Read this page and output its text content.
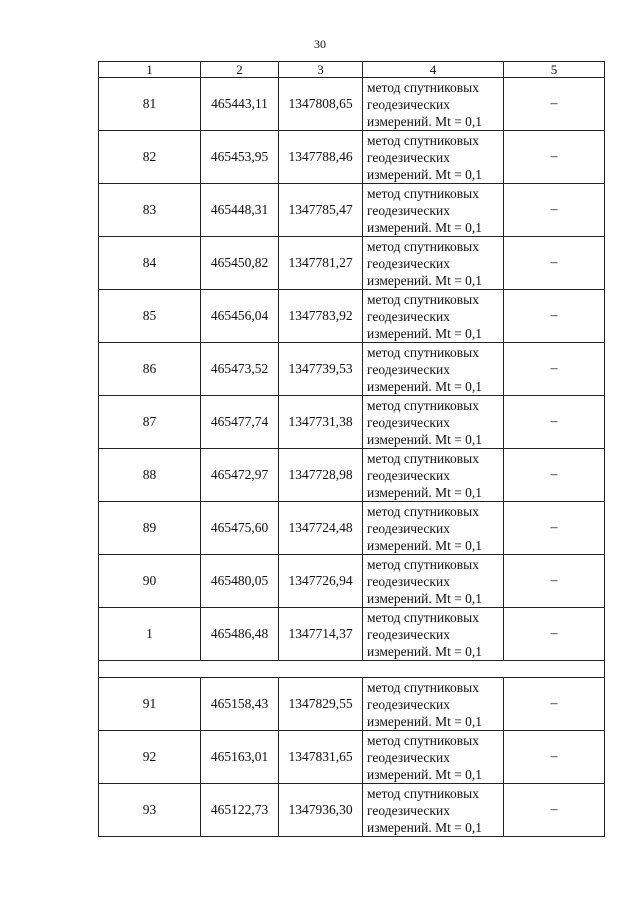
30
1	2	3	4	5
81	465443,11	1347808,65	метод спутниковых
геодезических
измерений. Mt = 0,1	–
82	465453,95	1347788,46	метод спутниковых
геодезических
измерений. Mt = 0,1	–
83	465448,31	1347785,47	метод спутниковых
геодезических
измерений. Mt = 0,1	–
84	465450,82	1347781,27	метод спутниковых
геодезических
измерений. Mt = 0,1	–
85	465456,04	1347783,92	метод спутниковых
геодезических
измерений. Mt = 0,1	–
86	465473,52	1347739,53	метод спутниковых
геодезических
измерений. Mt = 0,1	–
87	465477,74	1347731,38	метод спутниковых
геодезических
измерений. Mt = 0,1	–
88	465472,97	1347728,98	метод спутниковых
геодезических
измерений. Mt = 0,1	–
89	465475,60	1347724,48	метод спутниковых
геодезических
измерений. Mt = 0,1	–
90	465480,05	1347726,94	метод спутниковых
геодезических
измерений. Mt = 0,1	–
1	465486,48	1347714,37	метод спутниковых
геодезических
измерений. Mt = 0,1	–

91	465158,43	1347829,55	метод спутниковых
геодезических
измерений. Mt = 0,1	–
92	465163,01	1347831,65	метод спутниковых
геодезических
измерений. Mt = 0,1	–
93	465122,73	1347936,30	метод спутниковых
геодезических
измерений. Mt = 0,1	–
